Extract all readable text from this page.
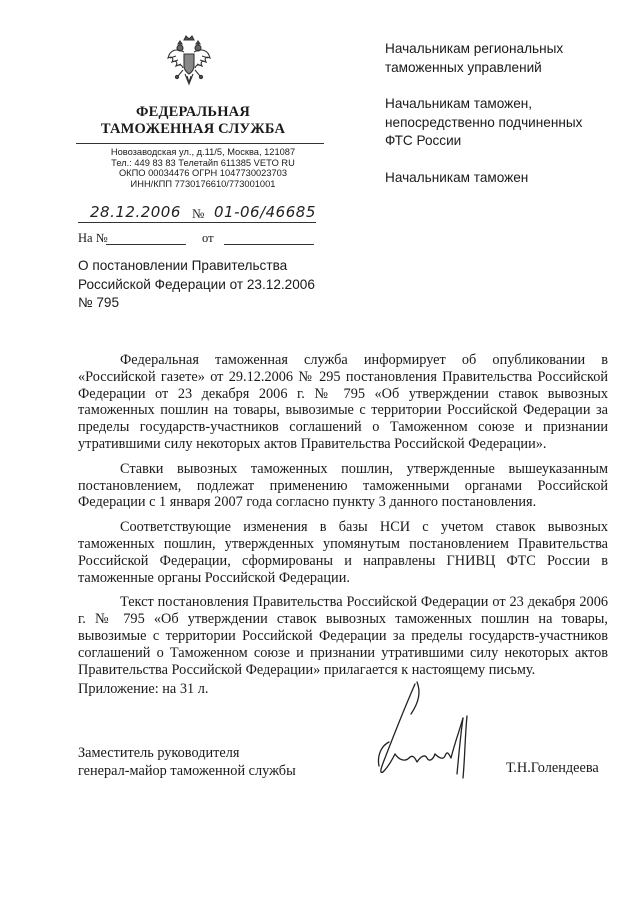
ФЕДЕРАЛЬНАЯ
ТАМОЖЕННАЯ СЛУЖБА
Новозаводская ул., д.11/5, Москва, 121087
Тел.: 449 83 83 Телетайп 611385 VETO RU
ОКПО 00034476 ОГРН 1047730023703
ИНН/КПП 7730176610/773001001
28.12.2006 № 01-06/46685
На №	от
Начальникам региональных
таможенных управлений
Начальникам таможен,
непосредственно подчиненных
ФТС России
Начальникам таможен
О постановлении Правительства
Российской Федерации от 23.12.2006
№ 795

Федеральная таможенная служба информирует об опубликовании в «Российской газете» от 29.12.2006 № 295 постановления Правительства Российской Федерации от 23 декабря 2006 г. № 795 «Об утверждении ставок вывозных таможенных пошлин на товары, вывозимые с территории Российской Федерации за пределы государств-участников соглашений о Таможенном союзе и признании утратившими силу некоторых актов Правительства Российской Федерации».

Ставки вывозных таможенных пошлин, утвержденные вышеуказанным постановлением, подлежат применению таможенными органами Российской Федерации с 1 января 2007 года согласно пункту 3 данного постановления.

Соответствующие изменения в базы НСИ с учетом ставок вывозных таможенных пошлин, утвержденных упомянутым постановлением Правительства Российской Федерации, сформированы и направлены ГНИВЦ ФТС России в таможенные органы Российской Федерации.

Текст постановления Правительства Российской Федерации от 23 декабря 2006 г. № 795 «Об утверждении ставок вывозных таможенных пошлин на товары, вывозимые с территории Российской Федерации за пределы государств-участников соглашений о Таможенном союзе и признании утратившими силу некоторых актов Правительства Российской Федерации» прилагается к настоящему письму.

Приложение: на 31 л.
Заместитель руководителя
генерал-майор таможенной службы	Т.Н.Голендеева
